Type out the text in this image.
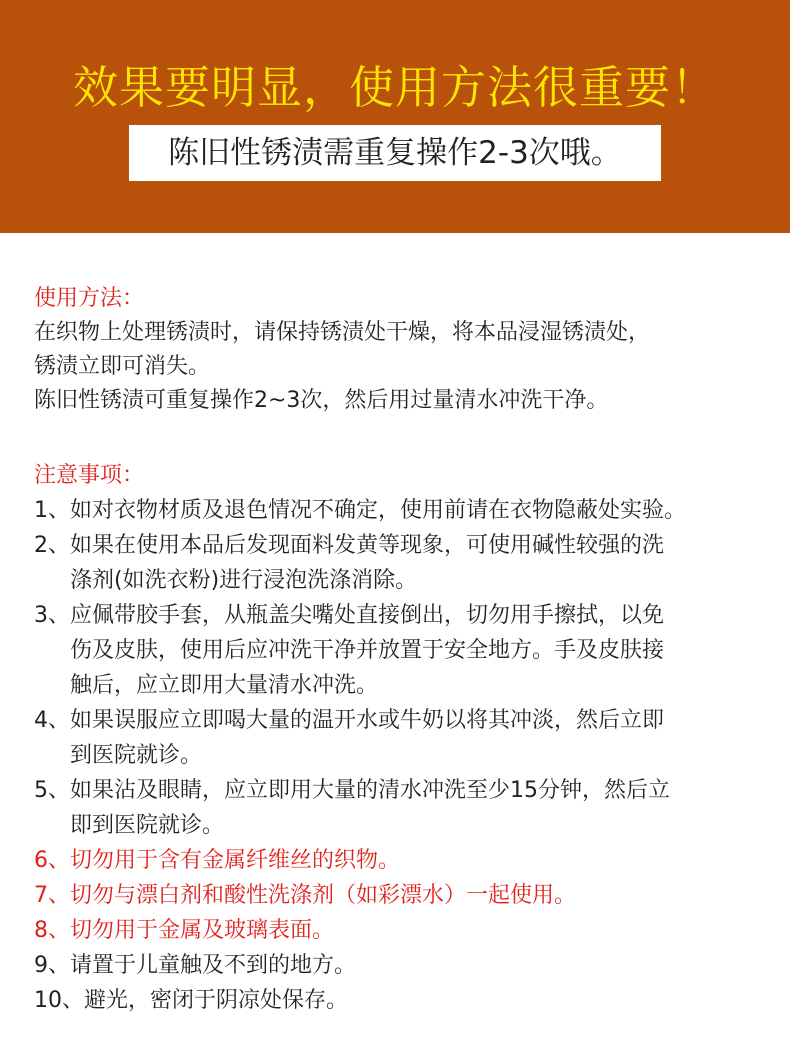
效果要明显，使用方法很重要！
陈旧性锈渍需重复操作2-3次哦。

使用方法：

在织物上处理锈渍时，请保持锈渍处干燥，将本品浸湿锈渍处，

锈渍立即可消失。

陈旧性锈渍可重复操作2~3次，然后用过量清水冲洗干净。

注意事项：

1、 如对衣物材质及退色情况不确定，使用前请在衣物隐蔽处实验。
2、 如果在使用本品后发现面料发黄等现象，可使用碱性较强的洗
涤剂(如洗衣粉)进行浸泡洗涤消除。
3、 应佩带胶手套，从瓶盖尖嘴处直接倒出，切勿用手擦拭，以免
伤及皮肤，使用后应冲洗干净并放置于安全地方。手及皮肤接
触后，应立即用大量清水冲洗。
4、 如果误服应立即喝大量的温开水或牛奶以将其冲淡，然后立即
到医院就诊。
5、 如果沾及眼睛，应立即用大量的清水冲洗至少15分钟，然后立
即到医院就诊。
6、 切勿用于含有金属纤维丝的织物。
7、 切勿与漂白剂和酸性洗涤剂（如彩漂水）一起使用。
8、 切勿用于金属及玻璃表面。
9、 请置于儿童触及不到的地方。
10、 避光，密闭于阴凉处保存。
